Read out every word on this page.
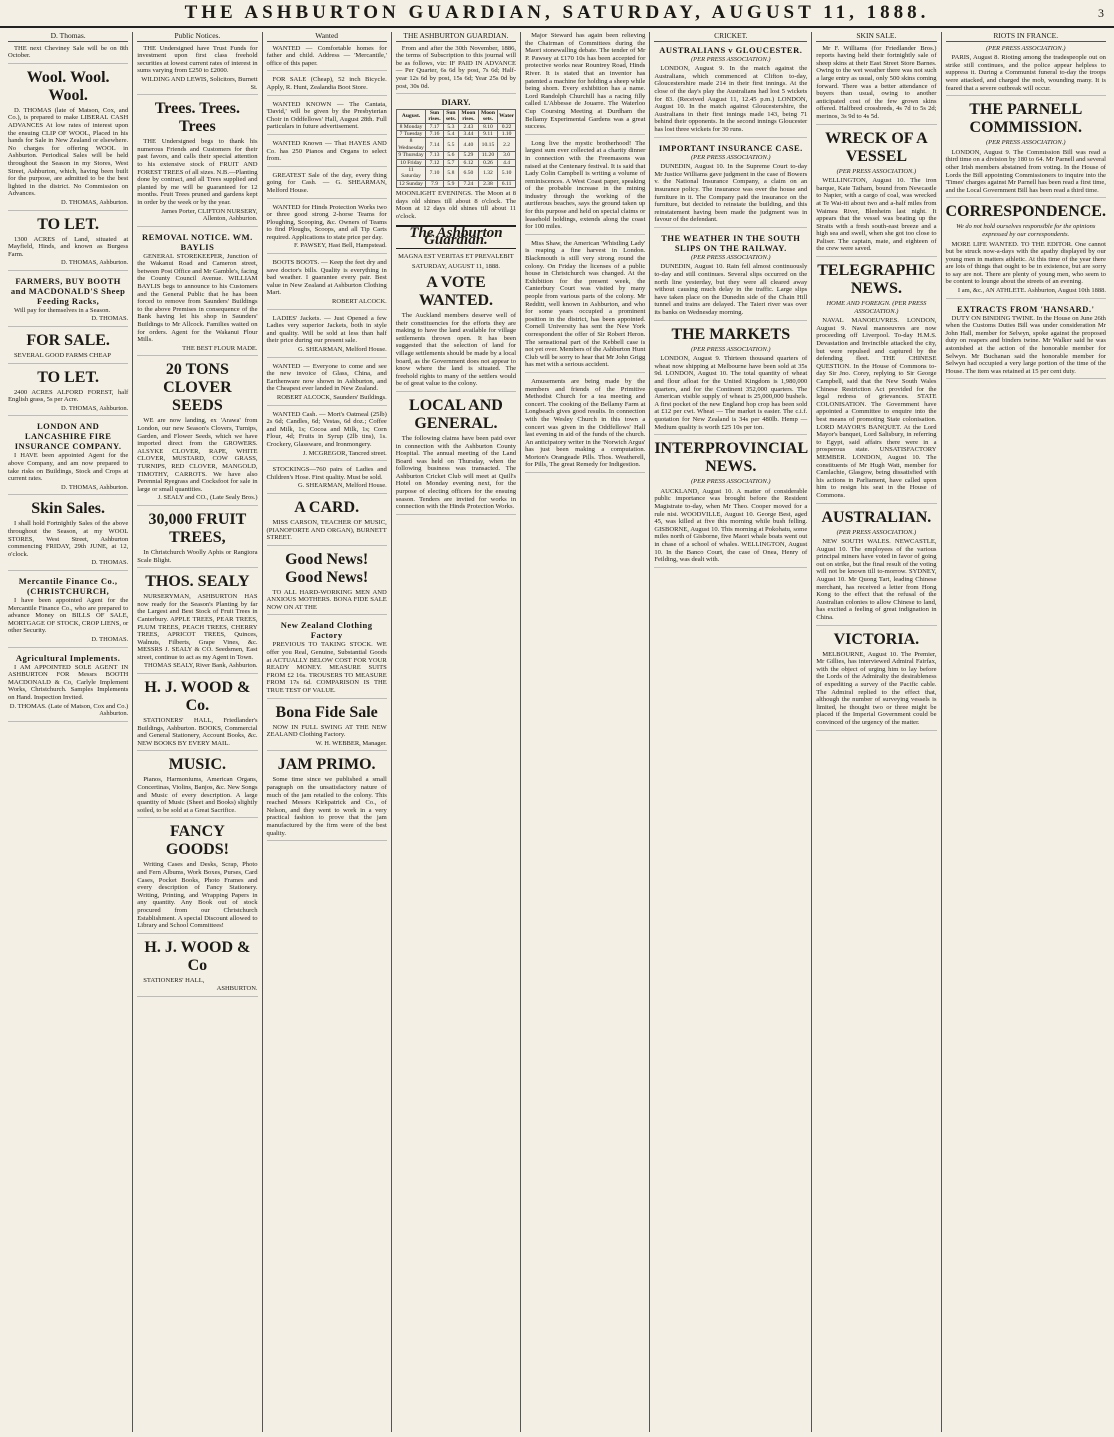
THE ASHBURTON GUARDIAN, SATURDAY, AUGUST 11, 1888.	3
D. Thomas.

THE next Cheviney Sale will be on 8th October.

Wool. Wool. Wool.

D. THOMAS (late of Matson, Cox, and Co.), is prepared to make LIBERAL CASH ADVANCES At low rates of interest upon the ensuing CLIP OF WOOL, Placed in his hands for Sale in New Zealand or elsewhere. No charges for offering WOOL in Ashburton. Periodical Sales will be held throughout the Season in my Stores, West Street, Ashburton, which, having been built for the purpose, are admitted to be the best lighted in the district. No Commission on Advances.

D. THOMAS, Ashburton.
TO LET.

1300 ACRES of Land, situated at Mayfield, Hinds, and known as Burgess Farm.

D. THOMAS, Ashburton.
FARMERS, BUY BOOTH and MACDONALD'S Sheep Feeding Racks,

Will pay for themselves in a Season.

D. THOMAS.
FOR SALE.

SEVERAL GOOD FARMS CHEAP

TO LET.

2400 ACRES ALFORD FOREST, half English grass, 5s per Acre.

D. THOMAS, Ashburton.
LONDON AND LANCASHIRE FIRE INSURANCE COMPANY.

I HAVE been appointed Agent for the above Company, and am now prepared to take risks on Buildings, Stock and Crops at current rates.

D. THOMAS, Ashburton.
Skin Sales.

I shall hold Fortnightly Sales of the above throughout the Season, at my WOOL STORES, West Street, Ashburton commencing FRIDAY, 29th JUNE, at 12, o'clock.

D. THOMAS.
Mercantile Finance Co., (CHRISTCHURCH,

I have been appointed Agent for the Mercantile Finance Co., who are prepared to advance Money on BILLS OF SALE, MORTGAGE OF STOCK, CROP LIENS, or other Security.

D. THOMAS.
Agricultural Implements.

I AM APPOINTED SOLE AGENT IN ASHBURTON FOR Messrs BOOTH MACDONALD & Co, Carlyle Implement Works, Christchurch. Samples Implements on Hand. Inspection Invited.

D. THOMAS. (Late of Matson, Cox and Co.) Ashburton.
Public Notices.

THE Undersigned have Trust Funds for investment upon first class freehold securities at lowest current rates of interest in sums varying from £250 to £2000.

WILDING AND LEWIS, Solicitors, Burnett St.
Trees. Trees. Trees

THE Undersigned begs to thank his numerous Friends and Customers for their past favors, and calls their special attention to his extensive stock of FRUIT AND FOREST TREES of all sizes. N.B.—Planting done by contract, and all Trees supplied and planted by me will be guaranteed for 12 months. Fruit Trees pruned and gardens kept in order by the week or by the year.

James Porter, CLIFTON NURSERY, Allenton, Ashburton.
REMOVAL NOTICE. WM. BAYLIS

GENERAL STOREKEEPER, Junction of the Wakanui Road and Cameron street, between Post Office and Mr Gamble's, facing the County Council Avenue. WILLIAM BAYLIS begs to announce to his Customers and the General Public that he has been forced to remove from Saunders' Buildings to the above Premises in consequence of the Bank having let his shop in Saunders' Buildings to Mr Allcock. Families waited on for orders. Agent for the Wakanui Flour Mills.

THE BEST FLOUR MADE.
20 TONS CLOVER SEEDS

WE are now landing, ex 'Arawa' from London, our new Season's Clovers, Turnips, Garden, and Flower Seeds, which we have imported direct from the GROWERS. ALSYKE CLOVER, RAPE, WHITE CLOVER, MUSTARD, COW GRASS, TURNIPS, RED CLOVER, MANGOLD, TIMOTHY, CARROTS. We have also Perennial Ryegrass and Cocksfoot for sale in large or small quantities.

J. SEALY and CO., (Late Sealy Bros.)
30,000 FRUIT TREES,

In Christchurch Woolly Aphis or Rangiora Scale Blight.

THOS. SEALY

NURSERYMAN, ASHBURTON HAS now ready for the Season's Planting by far the Largest and Best Stock of Fruit Trees in Canterbury. APPLE TREES, PEAR TREES, PLUM TREES, PEACH TREES, CHERRY TREES, APRICOT TREES, Quinces, Walnuts, Filberts, Grape Vines, &c. MESSRS J. SEALY & CO. Seedsmen, East street, continue to act as my Agent in Town.

THOMAS SEALY, River Bank, Ashburton.
H. J. WOOD & Co.

STATIONERS' HALL, Friedlander's Buildings, Ashburton. BOOKS, Commercial and General Stationery, Account Books, &c. NEW BOOKS BY EVERY MAIL.

MUSIC.

Pianos, Harmoniums, American Organs, Concertinas, Violins, Banjos, &c. New Songs and Music of every description. A large quantity of Music (Sheet and Books) slightly soiled, to be sold at a Great Sacrifice.

FANCY GOODS!

Writing Cases and Desks, Scrap, Photo and Fern Albums, Work Boxes, Purses, Card Cases, Pocket Books, Photo Frames and every description of Fancy Stationery. Writing, Printing, and Wrapping Papers in any quantity. Any Book out of stock procured from our Christchurch Establishment. A special Discount allowed to Library and School Committees!

H. J. WOOD & Co

STATIONERS' HALL,

ASHBURTON.
Wanted

WANTED — Comfortable homes for father and child. Address — 'Mercantile,' office of this paper.

FOR SALE (Cheap), 52 inch Bicycle. Apply, R. Hunt, Zealandia Boot Store.

WANTED KNOWN — The Cantata, 'David,' will be given by the Presbyterian Choir in Oddfellows' Hall, August 28th. Full particulars in future advertisement.

WANTED Known — That HAYES AND Co. has 250 Pianos and Organs to select from.

GREATEST Sale of the day, every thing going for Cash. — G. SHEARMAN, Melford House.

WANTED for Hinds Protection Works two or three good strong 2-horse Teams for Ploughing, Scooping, &c. Owners of Teams to find Ploughs, Scoops, and all Tip Carts required. Applications to state price per day.

F. PAWSEY, Hast Bell, Hampstead.

BOOTS BOOTS. — Keep the feet dry and save doctor's bills. Quality is everything in bad weather. I guarantee every pair. Best value in New Zealand at Ashburton Clothing Mart.

ROBERT ALCOCK.

LADIES' Jackets. — Just Opened a few Ladies very superior Jackets, both in style and quality. Will be sold at less than half their price during our present sale.

G. SHEARMAN, Melford House.

WANTED — Everyone to come and see the new invoice of Glass, China, and Earthenware now shown in Ashburton, and the Cheapest ever landed in New Zealand.

ROBERT ALCOCK, Saunders' Buildings.

WANTED Cash. — Mort's Oatmeal (25lb) 2s 6d; Candles, 6d; Vestas, 6d doz.; Coffee and Milk, 1s; Cocoa and Milk, 1s; Corn Flour, 4d; Fruits in Syrup (2lb tins), 1s. Crockery, Glassware, and Ironmongery.

J. MCGREGOR, Tancred street.

STOCKINGS—760 pairs of Ladies and Children's Hose. First quality. Must be sold.

G. SHEARMAN, Melford House.
A CARD.

MISS CARSON, TEACHER OF MUSIC, (PIANOFORTE AND ORGAN), BURNETT STREET.

Good News! Good News!

TO ALL HARD-WORKING MEN AND ANXIOUS MOTHERS. BONA FIDE SALE NOW ON AT THE

New Zealand Clothing Factory

PREVIOUS TO TAKING STOCK. WE offer you Real, Genuine, Substantial Goods at ACTUALLY BELOW COST FOR YOUR READY MONEY. MEASURE SUITS FROM £2 16s. TROUSERS TO MEASURE FROM 17s 6d. COMPARISON IS THE TRUE TEST OF VALUE.

Bona Fide Sale

NOW IN FULL SWING AT THE NEW ZEALAND Clothing Factory.

W. H. WEBBER, Manager.
JAM PRIMO.

Some time since we published a small paragraph on the unsatisfactory nature of much of the jam retailed to the colony. This reached Messrs Kirkpatrick and Co., of Nelson, and they went to work in a very practical fashion to prove that the jam manufactured by the firm were of the best quality.

THE ASHBURTON GUARDIAN.

From and after the 30th November, 1886, the terms of Subscription to this journal will be as follows, viz: IF PAID IN ADVANCE — Per Quarter, 6s 6d by post, 7s 6d; Half-year 12s 6d by post, 15s 6d; Year 25s 0d by post, 30s 0d.

DIARY.
August.	Sun rises.	Sun sets.	Moon rises.	Moon sets.	Water
8 Monday	7.17	5.3	2.43	8.10	0.22
7 Tuesday	7.16	5.4	3.44	9.11	1.10
8 Wednesday	7.14	5.5	4.40	10.15	2.2
9 Thursday	7.13	5.6	5.29	11.20	3.0
10 Friday	7.12	5.7	6.12	0.26	4.4
11 Saturday	7.10	5.8	6.50	1.32	5.10
12 Sunday	7.9	5.9	7.24	2.38	6.11

MOONLIGHT EVENINGS. The Moon at 8 days old shines till about 8 o'clock. The Moon at 12 days old shines till about 11 o'clock.

The Ashburton Guardian.
MAGNA EST VERITAS ET PREVALEBIT
SATURDAY, AUGUST 11, 1888.
A VOTE WANTED.

The Auckland members deserve well of their constituencies for the efforts they are making to have the land available for village settlements thrown open. It has been suggested that the selection of land for village settlements should be made by a local board, as the Government does not appear to know where the land is situated. The freehold rights to many of the settlers would be of great value to the colony.

LOCAL AND GENERAL.

The following claims have been paid over in connection with the Ashburton County Hospital. The annual meeting of the Land Board was held on Thursday, when the following business was transacted. The Ashburton Cricket Club will meet at Quill's Hotel on Monday evening next, for the purpose of electing officers for the ensuing season. Tenders are invited for works in connection with the Hinds Protection Works.

Major Steward has again been relieving the Chairman of Committees during the Maori stonewalling debate. The tender of Mr P. Pawsey at £170 10s has been accepted for protective works near Rountrey Road, Hinds River. It is stated that an inventor has patented a machine for holding a sheep while being shorn. Every exhibition has a name. Lord Randolph Churchill has a racing filly called L'Abbesse de Jouarre. The Waterloo Cup Coursing Meeting at Durdham the Bellamy Experimental Gardens was a great success.

Long live the mystic brotherhood! The largest sum ever collected at a charity dinner in connection with the Freemasons was raised at the Centenary festival. It is said that Lady Colin Campbell is writing a volume of reminiscences. A West Coast paper, speaking of the probable increase in the mining industry through the working of the auriferous beaches, says the ground taken up for this purpose and held on special claims or leasehold holdings, extends along the coast for 100 miles.

Miss Shaw, the American 'Whistling Lady' is reaping a fine harvest in London. Blackmouth is still very strong round the colony. On Friday the licenses of a public house in Christchurch was changed. At the Exhibition for the present week, the Canterbury Court was visited by many people from various parts of the colony. Mr Redditt, well known in Ashburton, and who for some years occupied a prominent position in the district, has been appointed. Cornell University has sent the New York correspondent the offer of Sir Robert Heron. The sensational part of the Kebbell case is not yet over. Members of the Ashburton Hunt Club will be sorry to hear that Mr John Grigg has met with a serious accident.

Amusements are being made by the members and friends of the Primitive Methodist Church for a tea meeting and concert. The cooking of the Bellamy Farm at Longbeach gives good results. In connection with the Wesley Church in this town a concert was given in the Oddfellows' Hall last evening in aid of the funds of the church. An anticipatory writer in the 'Norwich Argus' has just been making a computation. Morton's Orangeade Pills. Thos. Weatherell, for Pills, The great Remedy for Indigestion.

CRICKET.
AUSTRALIANS v GLOUCESTER.
(PER PRESS ASSOCIATION.)

LONDON, August 9. In the match against the Australians, which commenced at Clifton to-day, Gloucestershire made 214 in their first innings. At the close of the day's play the Australians had lost 5 wickets for 83. (Received August 11, 12.45 p.m.) LONDON, August 10. In the match against Gloucestershire, the Australians in their first innings made 143, being 71 behind their opponents. In the second innings Gloucester has lost three wickets for 30 runs.

IMPORTANT INSURANCE CASE.
(PER PRESS ASSOCIATION.)

DUNEDIN, August 10. In the Supreme Court to-day Mr Justice Williams gave judgment in the case of Bowers v. the National Insurance Company, a claim on an insurance policy. The insurance was over the house and furniture in it. The Company paid the insurance on the furniture, but decided to reinstate the building, and this reinstatement having been made the judgment was in favour of the defendant.

THE WEATHER IN THE SOUTH SLIPS ON THE RAILWAY.
(PER PRESS ASSOCIATION.)

DUNEDIN, August 10. Rain fell almost continuously to-day and still continues. Several slips occurred on the north line yesterday, but they were all cleared away without causing much delay in the traffic. Large slips have taken place on the Dunedin side of the Chain Hill tunnel and trains are delayed. The Taieri river was over its banks on Wednesday morning.

THE MARKETS
(PER PRESS ASSOCIATION.)

LONDON, August 9. Thirteen thousand quarters of wheat now shipping at Melbourne have been sold at 35s 9d. LONDON, August 10. The total quantity of wheat and flour afloat for the United Kingdom is 1,980,000 quarters, and for the Continent 352,000 quarters. The American visible supply of wheat is 25,000,000 bushels. A first pocket of the new England hop crop has been sold at £12 per cwt. Wheat — The market is easier. The c.i.f. quotation for New Zealand is 34s per 480lb. Hemp — Medium quality is worth £25 10s per ton.

INTERPROVINCIAL NEWS.
(PER PRESS ASSOCIATION.)

AUCKLAND, August 10. A matter of considerable public importance was brought before the Resident Magistrate to-day, when Mr Theo. Cooper moved for a rule nisi. WOODVILLE, August 10. George Best, aged 45, was killed at five this morning while bush felling. GISBORNE, August 10. This morning at Pokohatu, some miles north of Gisborne, five Maori whale boats went out in chase of a school of whales. WELLINGTON, August 10. In the Banco Court, the case of Onea, Henry of Feilding, was dealt with.

SKIN SALE.

Mr F. Williams (for Friedlander Bros.) reports having held their fortnightly sale of sheep skins at their East Street Store Barnes. Owing to the wet weather there was not such a large entry as usual, only 500 skins coming forward. There was a better attendance of buyers than usual, owing to another anticipated cost of the few grown skins offered. Halfbred crossbreds, 4s 7d to 5s 2d; merinos, 3s 9d to 4s 5d.

WRECK OF A VESSEL
(PER PRESS ASSOCIATION.)

WELLINGTON, August 10. The iron barque, Kate Tatham, bound from Newcastle to Napier, with a cargo of coal, was wrecked at Te Wai-iti about two and a-half miles from Waimea River, Blenheim last night. It appears that the vessel was beating up the Straits with a fresh south-east breeze and a high sea and swell, when she got too close to Paliser. The captain, mate, and eighteen of the crew were saved.

TELEGRAPHIC NEWS.
HOME AND FOREIGN. (PER PRESS ASSOCIATION.)

NAVAL MANOEUVRES. LONDON, August 9. Naval manoeuvres are now proceeding off Liverpool. To-day H.M.S. Devastation and Invincible attacked the city, but were repulsed and captured by the defending fleet. THE CHINESE QUESTION. In the House of Commons to-day Sir Jno. Corey, replying to Sir George Campbell, said that the New South Wales Chinese Restriction Act provided for the legal redress of grievances. STATE COLONISATION. The Government have appointed a Committee to enquire into the best means of promoting State colonisation. LORD MAYOR'S BANQUET. At the Lord Mayor's banquet, Lord Salisbury, in referring to Egypt, said affairs there were in a prosperous state. UNSATISFACTORY MEMBER. LONDON, August 10. The constituents of Mr Hugh Watt, member for Camlachie, Glasgow, being dissatisfied with his actions in Parliament, have called upon him to resign his seat in the House of Commons.

AUSTRALIAN.
(PER PRESS ASSOCIATION.)

NEW SOUTH WALES. NEWCASTLE, August 10. The employees of the various principal miners have voted in favor of going out on strike, but the final result of the voting will not be known till to-morrow. SYDNEY, August 10. Mr Quong Tart, leading Chinese merchant, has received a letter from Hong Kong to the effect that the refusal of the Australian colonies to allow Chinese to land, has excited a feeling of great indignation in China.

VICTORIA.

MELBOURNE, August 10. The Premier, Mr Gillies, has interviewed Admiral Fairfax, with the object of urging him to lay before the Lords of the Admiralty the desirableness of expediting a survey of the Pacific cable. The Admiral replied to the effect that, although the number of surveying vessels is limited, he thought two or three might be placed if the Imperial Government could be convinced of the urgency of the matter.

RIOTS IN FRANCE.
(PER PRESS ASSOCIATION.)

PARIS, August 8. Rioting among the tradespeople out on strike still continues, and the police appear helpless to suppress it. During a Communist funeral to-day the troops were attacked, and charged the mob, wounding many. It is feared that a severe outbreak will occur.

THE PARNELL COMMISSION.
(PER PRESS ASSOCIATION.)

LONDON, August 9. The Commission Bill was read a third time on a division by 180 to 64. Mr Parnell and several other Irish members abstained from voting. In the House of Lords the Bill appointing Commissioners to inquire into the 'Times' charges against Mr Parnell has been read a first time, and the Local Government Bill has been read a third time.

CORRESPONDENCE.
We do not hold ourselves responsible for the opinions expressed by our correspondents.

MORE LIFE WANTED. TO THE EDITOR. One cannot but be struck now-a-days with the apathy displayed by our young men in matters athletic. At this time of the year there are lots of things that ought to be in existence, but are sorry to say are not. There are plenty of young men, who seem to be content to lounge about the streets of an evening.

I am, &c., AN ATHLETE. Ashburton, August 10th 1888.
EXTRACTS FROM 'HANSARD.'

DUTY ON BINDING TWINE. In the House on June 26th when the Customs Duties Bill was under consideration Mr John Hall, member for Selwyn, spoke against the proposed duty on reapers and binders twine. Mr Walker said he was astonished at the action of the honorable member for Selwyn. Mr Buchanan said the honorable member for Selwyn had occupied a very large portion of the time of the House. The item was retained at 15 per cent duty.
